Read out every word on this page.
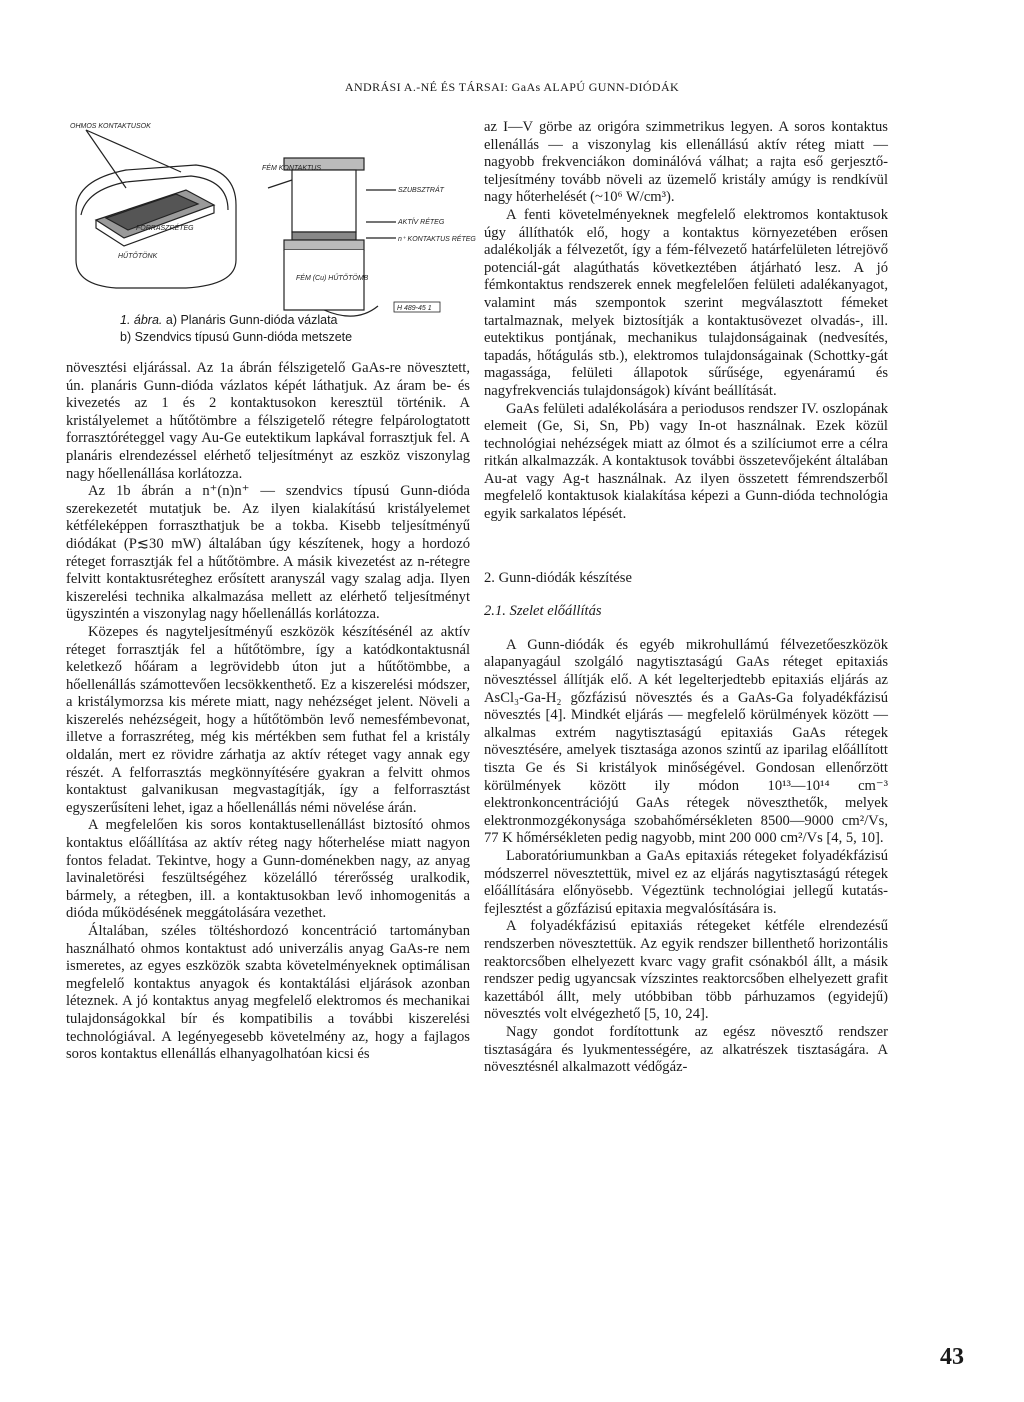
ANDRÁSI A.-NÉ ÉS TÁRSAI: GaAs ALAPÚ GUNN-DIÓDÁK
OHMOS KONTAKTUSOK
FORRASZRÉTEG
HŰTŐTÖNK
FÉM KONTAKTUS
SZUBSZTRÁT
AKTÍV RÉTEG
n⁺ KONTAKTUS RÉTEG
FÉM (Cu) HŰTŐTÖMB
H 489-45 1
1. ábra. a) Planáris Gunn-dióda vázlata
b) Szendvics típusú Gunn-dióda metszete

növesztési eljárással. Az 1a ábrán félszigetelő GaAs-re növesztett, ún. planáris Gunn-dióda vázlatos képét láthatjuk. Az áram be- és kivezetés az 1 és 2 kontaktusokon keresztül történik. A kristályelemet a hűtőtömbre a félszigetelő rétegre felpárologtatott forrasztóréteggel vagy Au-Ge eutektikum lapkával forrasztjuk fel. A planáris elrendezéssel elérhető teljesítményt az eszköz viszonylag nagy hőellenállása korlátozza.

Az 1b ábrán a n⁺(n)n⁺ — szendvics típusú Gunn-dióda szerekezetét mutatjuk be. Az ilyen kialakítású kristályelemet kétféleképpen forraszthatjuk be a tokba. Kisebb teljesítményű diódákat (P≲30 mW) általában úgy készítenek, hogy a hordozó réteget forrasztják fel a hűtőtömbre. A másik kivezetést az n-rétegre felvitt kontaktusréteghez erősített aranyszál vagy szalag adja. Ilyen kiszerelési technika alkalmazása mellett az elérhető teljesítményt ügyszintén a viszonylag nagy hőellenállás korlátozza.

Közepes és nagyteljesítményű eszközök készítésénél az aktív réteget forrasztják fel a hűtőtömbre, így a katódkontaktusnál keletkező hőáram a legrövidebb úton jut a hűtőtömbbe, a hőellenállás számottevően lecsökkenthető. Ez a kiszerelési módszer, a kristálymorzsa kis mérete miatt, nagy nehézséget jelent. Növeli a kiszerelés nehézségeit, hogy a hűtőtömbön levő nemesfémbevonat, illetve a forraszréteg, még kis mértékben sem futhat fel a kristály oldalán, mert ez rövidre zárhatja az aktív réteget vagy annak egy részét. A felforrasztás megkönnyítésére gyakran a felvitt ohmos kontaktust galvanikusan megvastagítják, így a felforrasztást egyszerűsíteni lehet, igaz a hőellenállás némi növelése árán.

A megfelelően kis soros kontaktusellenállást biztosító ohmos kontaktus előállítása az aktív réteg nagy hőterhelése miatt nagyon fontos feladat. Tekintve, hogy a Gunn-doménekben nagy, az anyag lavinaletörési feszültségéhez közelálló térerősség uralkodik, bármely, a rétegben, ill. a kontaktusokban levő inhomogenitás a dióda működésének meggátolására vezethet.

Általában, széles töltéshordozó koncentráció tartományban használható ohmos kontaktust adó univerzális anyag GaAs-re nem ismeretes, az egyes eszközök szabta követelményeknek optimálisan megfelelő kontaktus anyagok és kontaktálási eljárások azonban léteznek. A jó kontaktus anyag megfelelő elektromos és mechanikai tulajdonságokkal bír és kompatibilis a további kiszerelési technológiával. A legényegesebb követelmény az, hogy a fajlagos soros kontaktus ellenállás elhanyagolhatóan kicsi és

az I—V görbe az origóra szimmetrikus legyen. A soros kontaktus ellenállás — a viszonylag kis ellenállású aktív réteg miatt — nagyobb frekvenciákon dominálóvá válhat; a rajta eső gerjesztő-teljesítmény tovább növeli az üzemelő kristály amúgy is rendkívül nagy hőterhelését (~10⁶ W/cm³).

A fenti követelményeknek megfelelő elektromos kontaktusok úgy állíthatók elő, hogy a kontaktus környezetében erősen adalékolják a félvezetőt, így a fém-félvezető határfelületen létrejövő potenciál-gát alagúthatás következtében átjárható lesz. A jó fémkontaktus rendszerek ennek megfelelően felületi adalékanyagot, valamint más szempontok szerint megválasztott fémeket tartalmaznak, melyek biztosítják a kontaktusövezet olvadás-, ill. eutektikus pontjának, mechanikus tulajdonságainak (nedvesítés, tapadás, hőtágulás stb.), elektromos tulajdonságainak (Schottky-gát magassága, felületi állapotok sűrűsége, egyenáramú és nagyfrekvenciás tulajdonságok) kívánt beállítását.

GaAs felületi adalékolására a periodusos rendszer IV. oszlopának elemeit (Ge, Si, Sn, Pb) vagy In-ot használnak. Ezek közül technológiai nehézségek miatt az ólmot és a szilíciumot erre a célra ritkán alkalmazzák. A kontaktusok további összetevőjeként általában Au-at vagy Ag-t használnak. Az ilyen összetett fémrendszerből megfelelő kontaktusok kialakítása képezi a Gunn-dióda technológia egyik sarkalatos lépését.

2. Gunn-diódák készítése
2.1. Szelet előállítás

A Gunn-diódák és egyéb mikrohullámú félvezetőeszközök alapanyagául szolgáló nagytisztaságú GaAs réteget epitaxiás növesztéssel állítják elő. A két legelterjedtebb epitaxiás eljárás az AsCl₃-Ga-H₂ gőzfázisú növesztés és a GaAs-Ga folyadékfázisú növesztés [4]. Mindkét eljárás — megfelelő körülmények között — alkalmas extrém nagytisztaságú epitaxiás GaAs rétegek növesztésére, amelyek tisztasága azonos szintű az iparilag előállított tiszta Ge és Si kristályok minőségével. Gondosan ellenőrzött körülmények között ily módon 10¹³—10¹⁴ cm⁻³ elektronkoncentrációjú GaAs rétegek növeszthetők, melyek elektronmozgékonysága szobahőmérsékleten 8500—9000 cm²/Vs, 77 K hőmérsékleten pedig nagyobb, mint 200 000 cm²/Vs [4, 5, 10].

Laboratóriumunkban a GaAs epitaxiás rétegeket folyadékfázisú módszerrel növesztettük, mivel ez az eljárás nagytisztaságú rétegek előállítására előnyösebb. Végeztünk technológiai jellegű kutatás-fejlesztést a gőzfázisú epitaxia megvalósítására is.

A folyadékfázisú epitaxiás rétegeket kétféle elrendezésű rendszerben növesztettük. Az egyik rendszer billenthető horizontális reaktorcsőben elhelyezett kvarc vagy grafit csónakból állt, a másik rendszer pedig ugyancsak vízszintes reaktorcsőben elhelyezett grafit kazettából állt, mely utóbbiban több párhuzamos (egyidejű) növesztés volt elvégezhető [5, 10, 24].

Nagy gondot fordítottunk az egész növesztő rendszer tisztaságára és lyukmentességére, az alkatrészek tisztaságára. A növesztésnél alkalmazott védőgáz-

43
